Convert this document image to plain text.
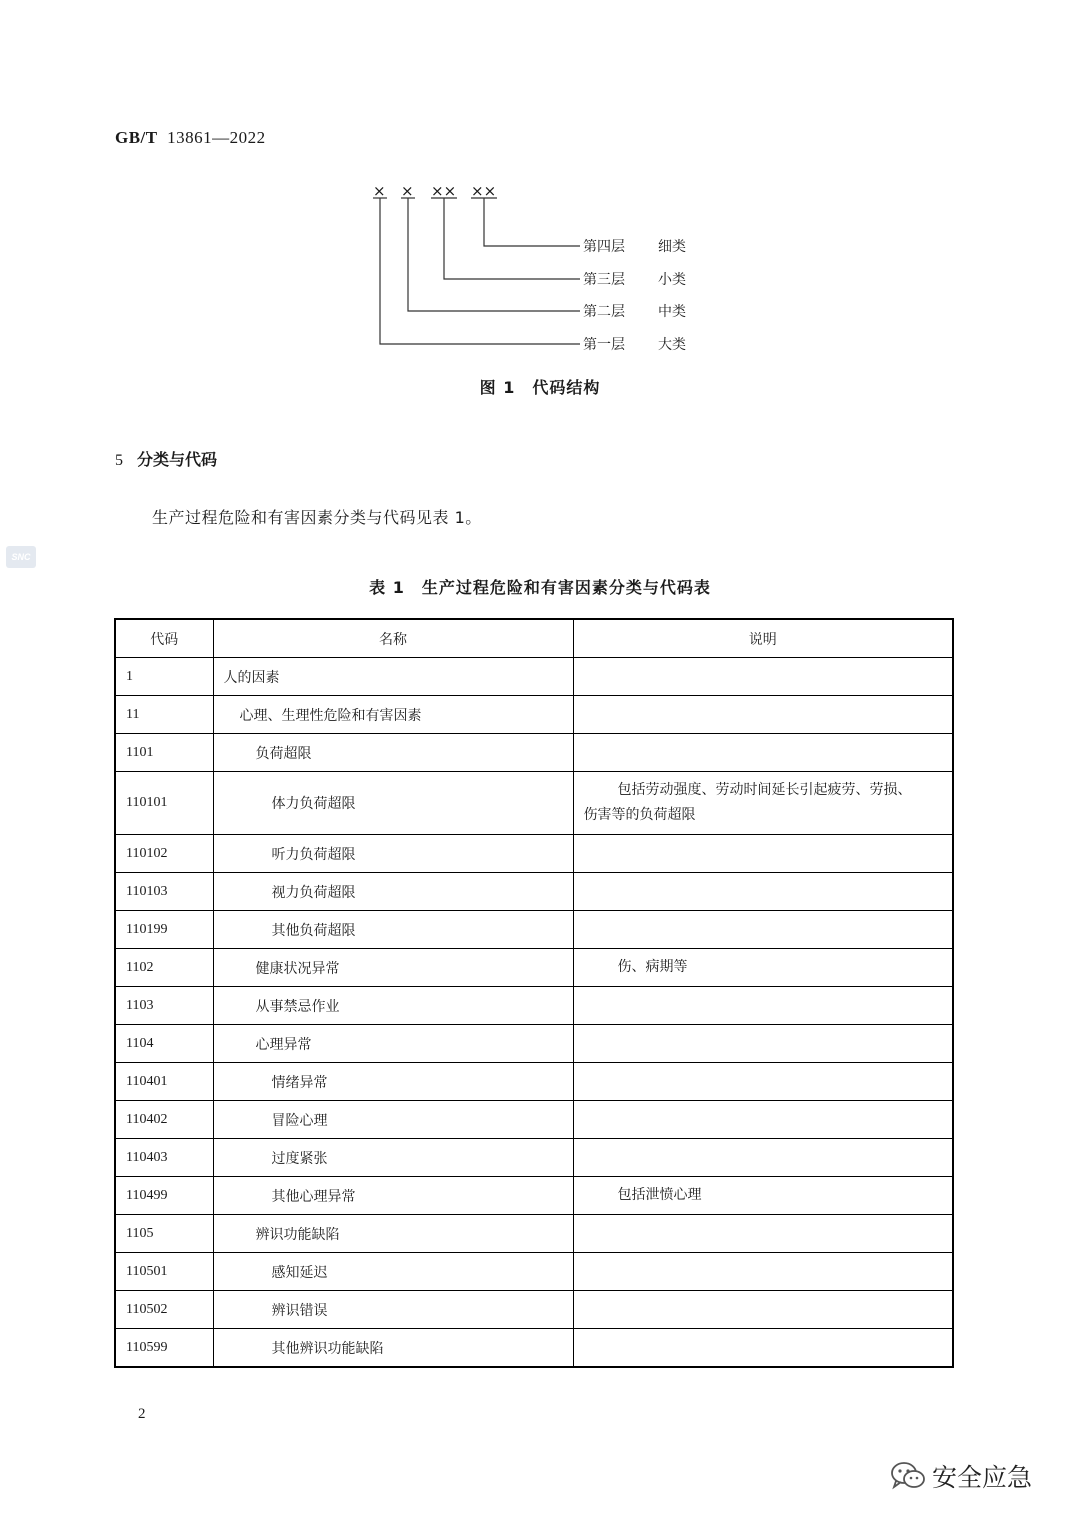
GB/T 13861—2022
× × ×× ××
第四层 细类
第三层 小类
第二层 中类
第一层 大类
图 1　代码结构
5 分类与代码
生产过程危险和有害因素分类与代码见表 1。
SNC
表 1　生产过程危险和有害因素分类与代码表
代码	名称	说明
1	人的因素	
11	心理、生理性危险和有害因素	
1101	负荷超限	
110101	体力负荷超限	包括劳动强度、劳动时间延长引起疲劳、劳损、
伤害等的负荷超限
110102	听力负荷超限	
110103	视力负荷超限	
110199	其他负荷超限	
1102	健康状况异常	伤、病期等
1103	从事禁忌作业	
1104	心理异常	
110401	情绪异常	
110402	冒险心理	
110403	过度紧张	
110499	其他心理异常	包括泄愤心理
1105	辨识功能缺陷	
110501	感知延迟	
110502	辨识错误	
110599	其他辨识功能缺陷	
2
安全应急
